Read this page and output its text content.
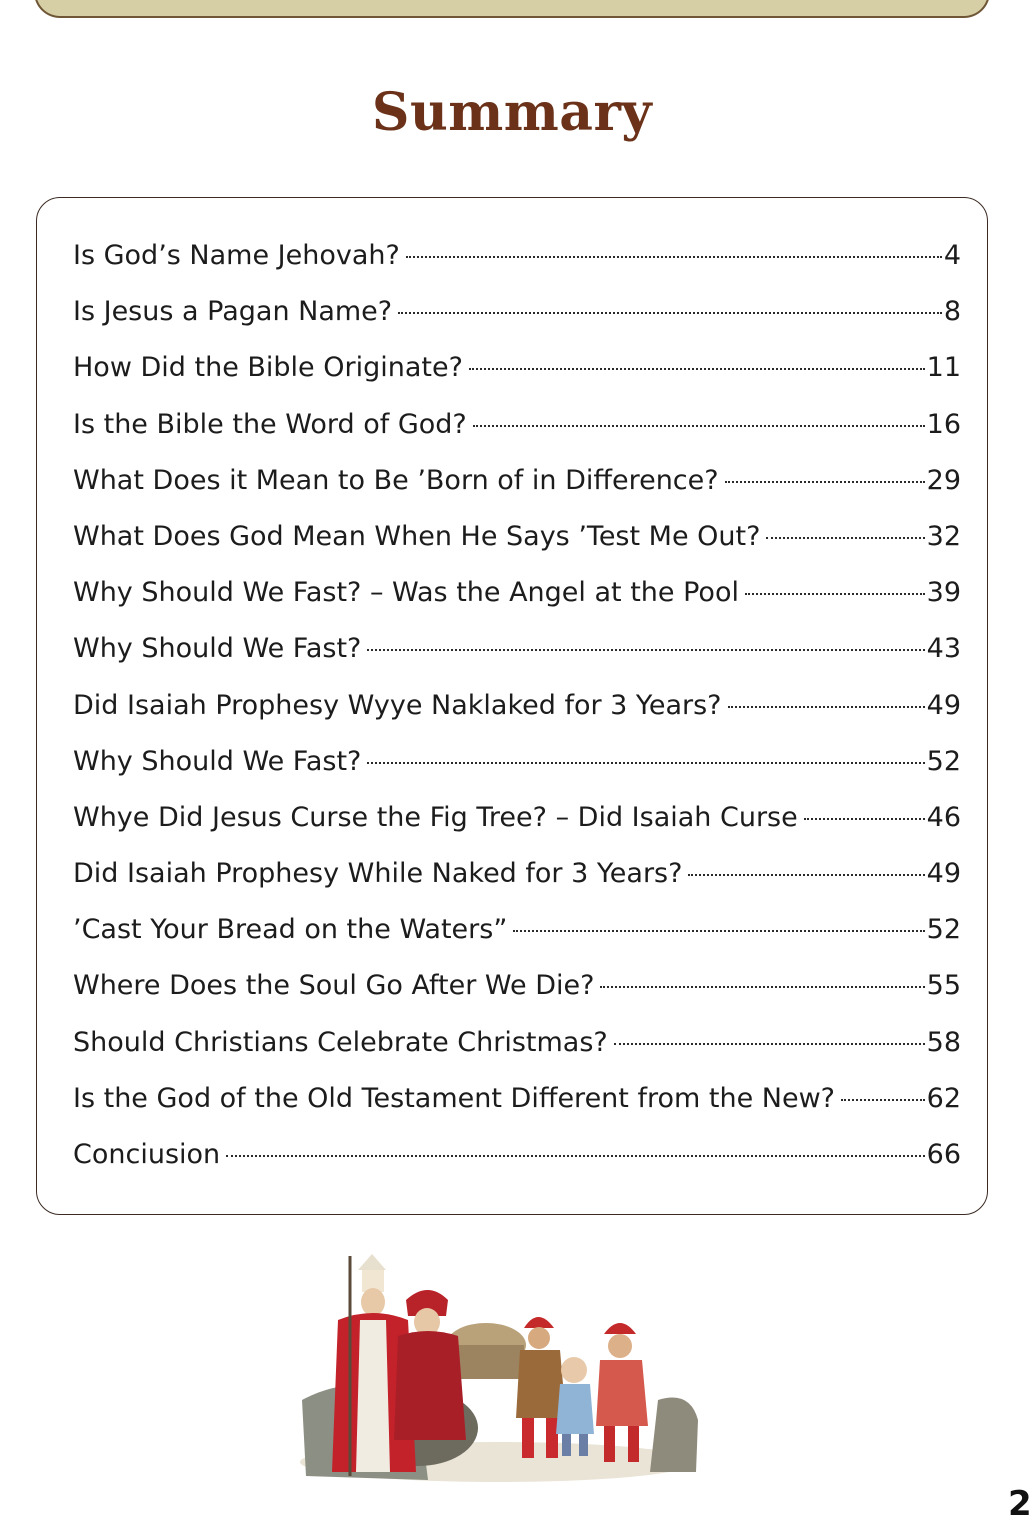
Summary
Is God’s Name Jehovah?	4
Is Jesus a Pagan Name?	8
How Did the Bible Originate?	11
Is the Bible the Word of God?	16
What Does it Mean to Be ’Born of in Difference?	29
What Does God Mean When He Says ’Test Me Out?	32
Why Should We Fast? – Was the Angel at the Pool	39
Why Should We Fast?	43
Did Isaiah Prophesy Wyye Naklaked for 3 Years?	49
Why Should We Fast?	52
Whye Did Jesus Curse the Fig Tree? – Did Isaiah Curse	46
Did Isaiah Prophesy While Naked for 3 Years?	49
’Cast Your Bread on the Waters”	52
Where Does the Soul Go After We Die?	55
Should Christians Celebrate Christmas?	58
Is the God of the Old Testament Different from the New?	62
Conciusion	66
2
